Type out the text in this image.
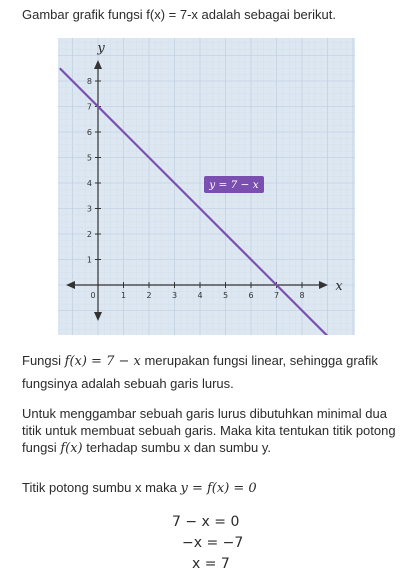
Gambar grafik fungsi f(x) = 7-x adalah sebagai berikut.
0	1	2	3	4	5	6	7	8
1
2
3
4
5
6
7
8
y = 7 − x
y
x

Fungsi f(x) = 7 − x merupakan fungsi linear, sehingga grafik fungsinya adalah sebuah garis lurus.

Untuk menggambar sebuah garis lurus dibutuhkan minimal dua titik untuk membuat sebuah garis. Maka kita tentukan titik potong fungsi f(x) terhadap sumbu x dan sumbu y.

Titik potong sumbu x maka y = f(x) = 0

7 − x = 0
−x = −7
x = 7
